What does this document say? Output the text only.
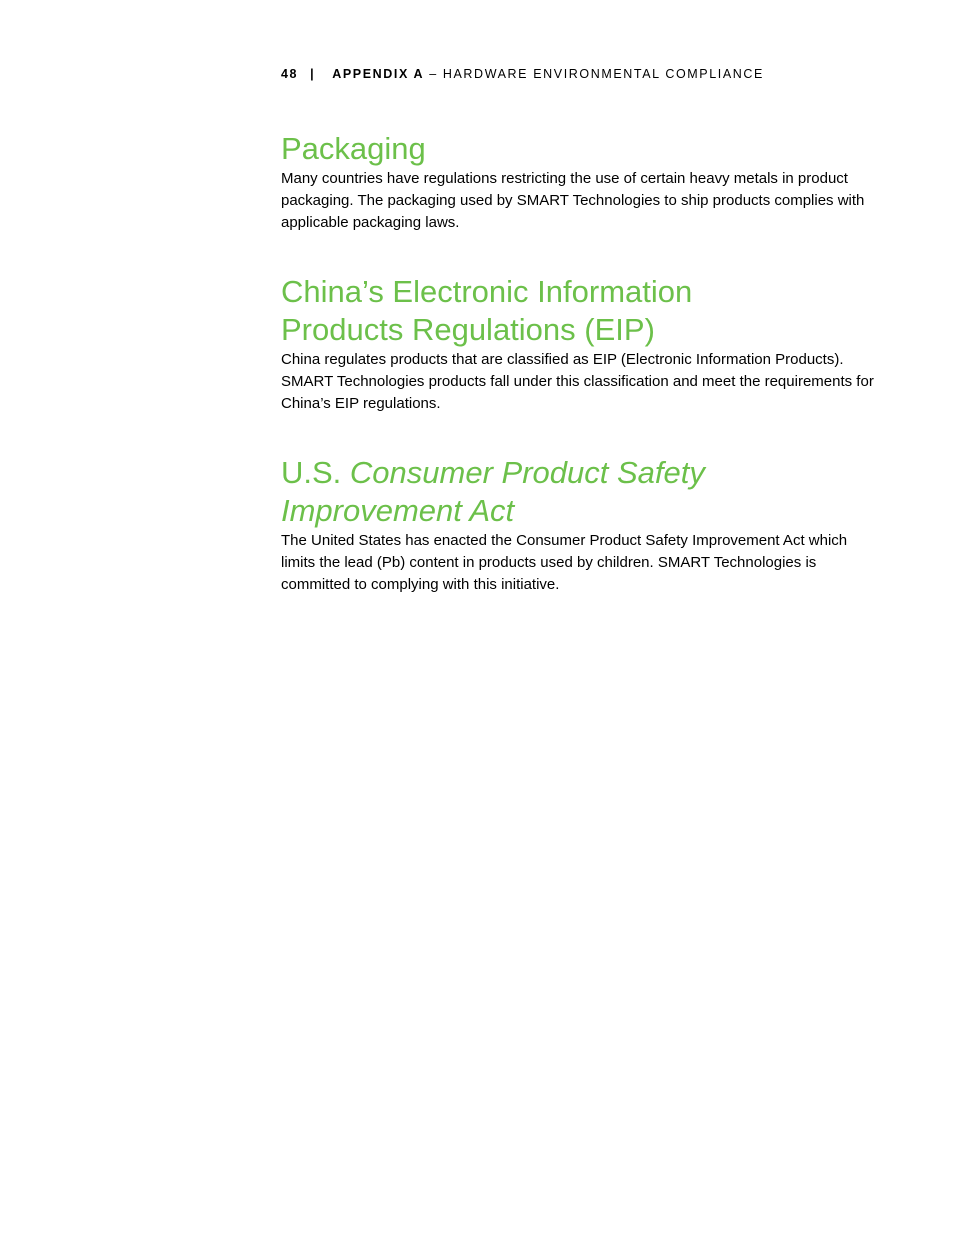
48 | APPENDIX A – HARDWARE ENVIRONMENTAL COMPLIANCE
Packaging

Many countries have regulations restricting the use of certain heavy metals in product packaging. The packaging used by SMART Technologies to ship products complies with applicable packaging laws.

China’s Electronic Information
Products Regulations (EIP)

China regulates products that are classified as EIP (Electronic Information Products). SMART Technologies products fall under this classification and meet the requirements for China’s EIP regulations.

U.S. Consumer Product Safety
Improvement Act

The United States has enacted the Consumer Product Safety Improvement Act which limits the lead (Pb) content in products used by children. SMART Technologies is committed to complying with this initiative.
